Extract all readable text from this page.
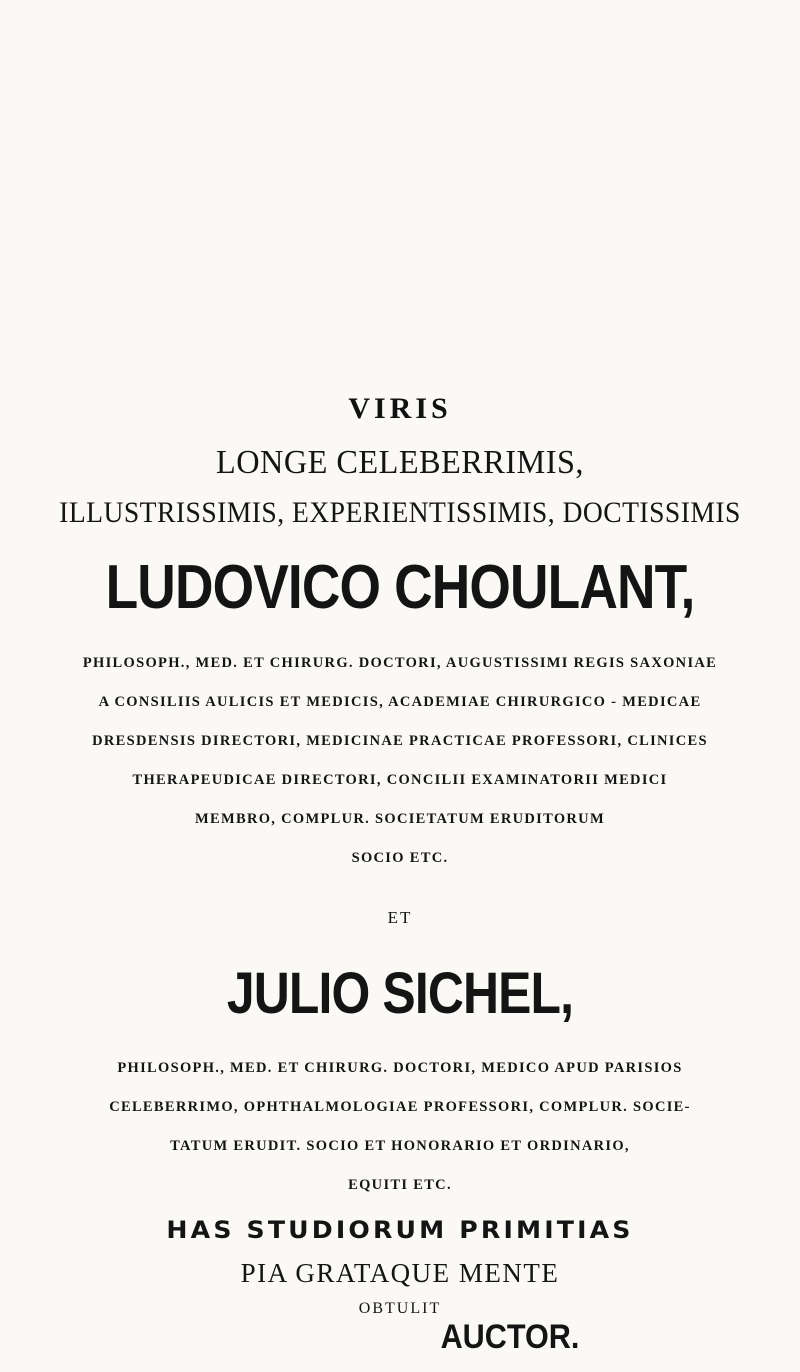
VIRIS
LONGE CELEBERRIMIS,
ILLUSTRISSIMIS, EXPERIENTISSIMIS, DOCTISSIMIS
LUDOVICO CHOULANT,
PHILOSOPH., MED. ET CHIRURG. DOCTORI, AUGUSTISSIMI REGIS SAXONIAE
A CONSILIIS AULICIS ET MEDICIS, ACADEMIAE CHIRURGICO - MEDICAE
DRESDENSIS DIRECTORI, MEDICINAE PRACTICAE PROFESSORI, CLINICES
THERAPEUDICAE DIRECTORI, CONCILII EXAMINATORII MEDICI
MEMBRO, COMPLUR. SOCIETATUM ERUDITORUM
SOCIO ETC.
ET
JULIO SICHEL,
PHILOSOPH., MED. ET CHIRURG. DOCTORI, MEDICO APUD PARISIOS
CELEBERRIMO, OPHTHALMOLOGIAE PROFESSORI, COMPLUR. SOCIE-
TATUM ERUDIT. SOCIO ET HONORARIO ET ORDINARIO,
EQUITI ETC.
HAS STUDIORUM PRIMITIAS
PIA GRATAQUE MENTE
OBTULIT
AUCTOR.
